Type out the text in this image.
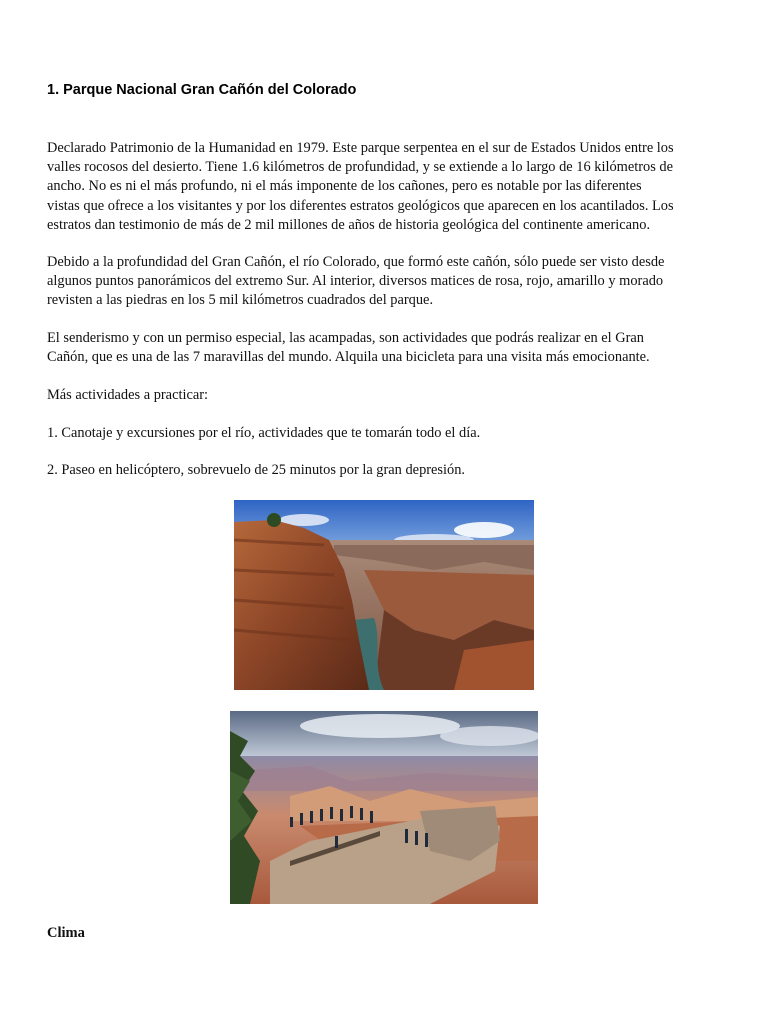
1. Parque Nacional Gran Cañón del Colorado

Declarado Patrimonio de la Humanidad en 1979. Este parque serpentea en el sur de Estados Unidos entre los
valles rocosos del desierto. Tiene 1.6 kilómetros de profundidad, y se extiende a lo largo de 16 kilómetros de
ancho. No es ni el más profundo, ni el más imponente de los cañones, pero es notable por las diferentes
vistas que ofrece a los visitantes y por los diferentes estratos geológicos que aparecen en los acantilados. Los
estratos dan testimonio de más de 2 mil millones de años de historia geológica del continente americano.

Debido a la profundidad del Gran Cañón, el río Colorado, que formó este cañón, sólo puede ser visto desde
algunos puntos panorámicos del extremo Sur. Al interior, diversos matices de rosa, rojo, amarillo y morado
revisten a las piedras en los 5 mil kilómetros cuadrados del parque.

El senderismo y con un permiso especial, las acampadas, son actividades que podrás realizar en el Gran
Cañón, que es una de las 7 maravillas del mundo. Alquila una bicicleta para una visita más emocionante.

Más actividades a practicar:

1. Canotaje y excursiones por el río, actividades que te tomarán todo el día.

2. Paseo en helicóptero, sobrevuelo de 25 minutos por la gran depresión.

Clima
